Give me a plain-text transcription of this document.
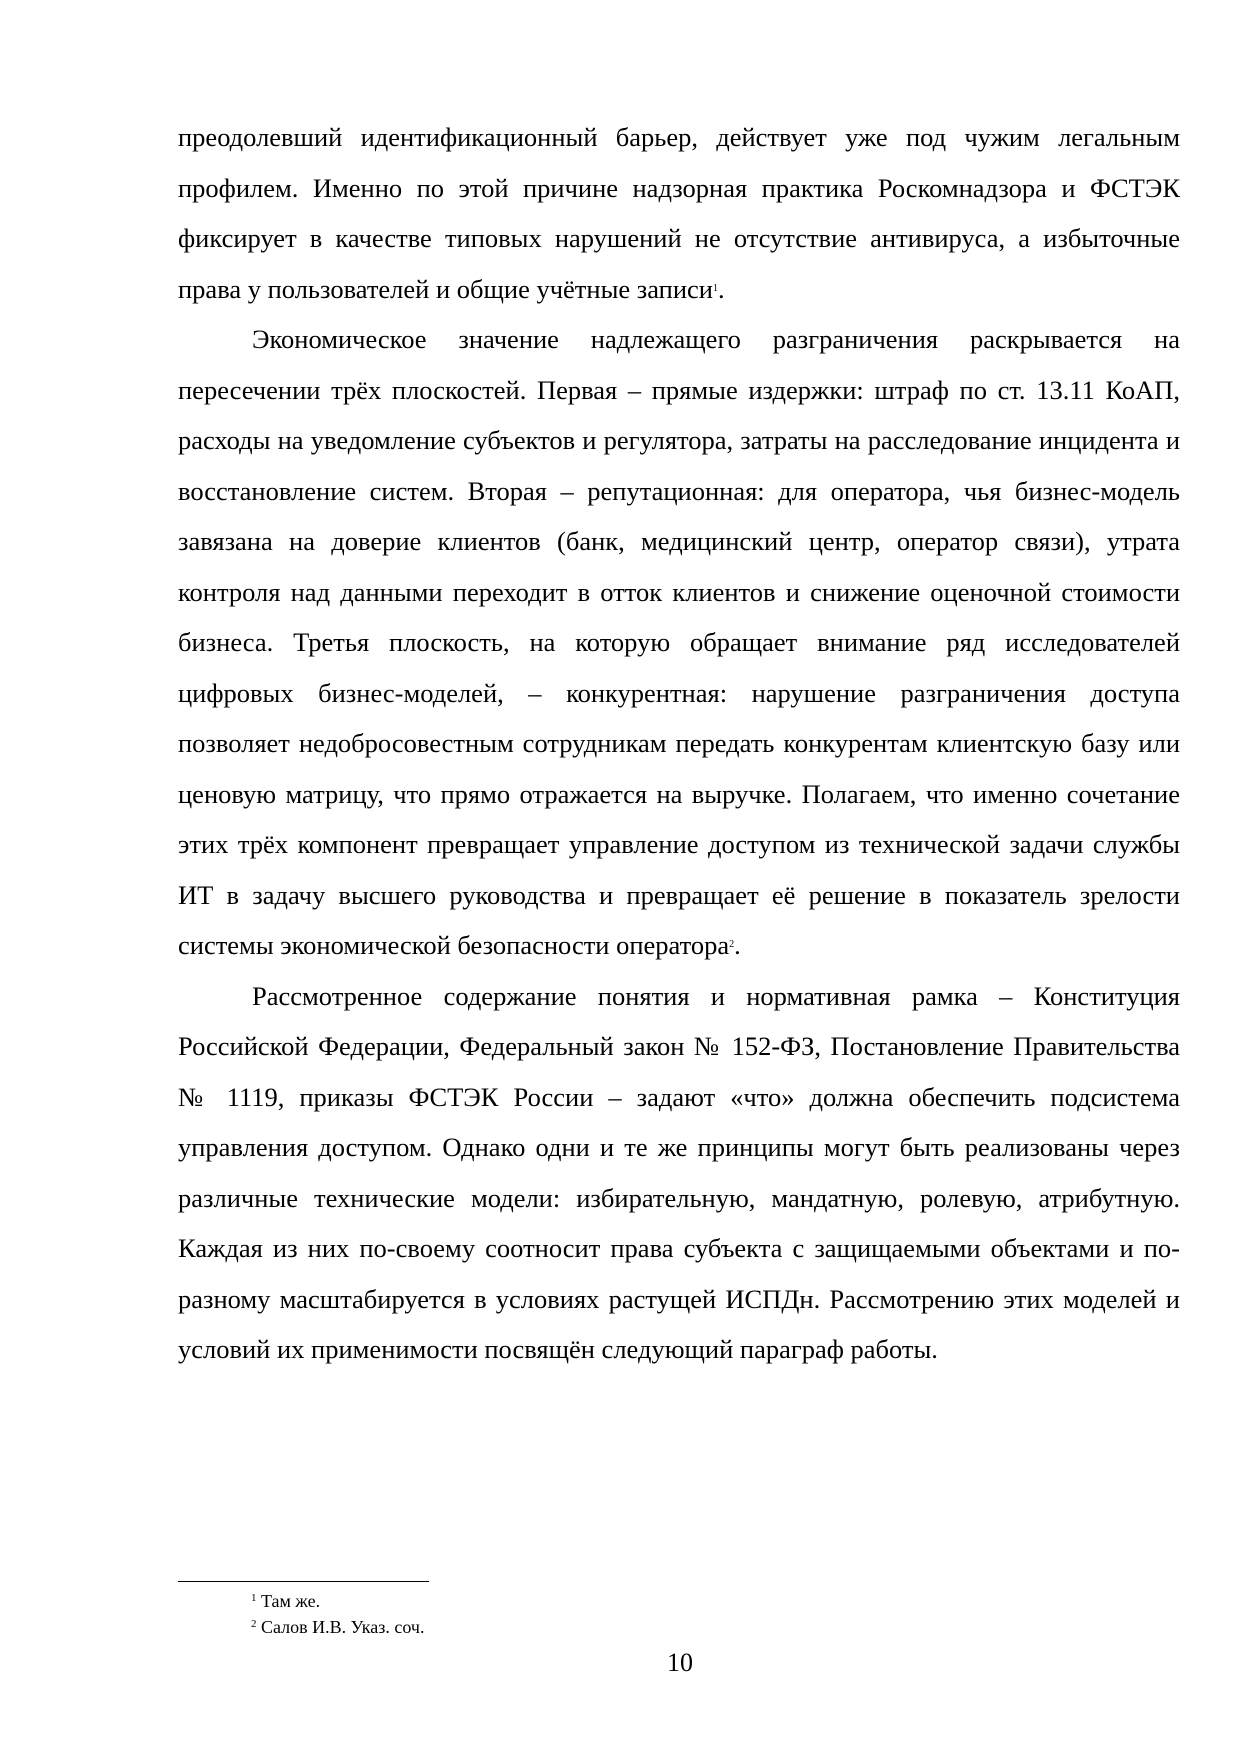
преодолевший идентификационный барьер, действует уже под чужим легальным профилем. Именно по этой причине надзорная практика Роскомнадзора и ФСТЭК фиксирует в качестве типовых нарушений не отсутствие антивируса, а избыточные права у пользователей и общие учётные записи$^1$.

Экономическое значение надлежащего разграничения раскрывается на пересечении трёх плоскостей. Первая – прямые издержки: штраф по ст. 13.11 КоАП, расходы на уведомление субъектов и регулятора, затраты на расследование инцидента и восстановление систем. Вторая – репутационная: для оператора, чья бизнес-модель завязана на доверие клиентов (банк, медицинский центр, оператор связи), утрата контроля над данными переходит в отток клиентов и снижение оценочной стоимости бизнеса. Третья плоскость, на которую обращает внимание ряд исследователей цифровых бизнес-моделей, – конкурентная: нарушение разграничения доступа позволяет недобросовестным сотрудникам передать конкурентам клиентскую базу или ценовую матрицу, что прямо отражается на выручке. Полагаем, что именно сочетание этих трёх компонент превращает управление доступом из технической задачи службы ИТ в задачу высшего руководства и превращает её решение в показатель зрелости системы экономической безопасности оператора$^2$.

Рассмотренное содержание понятия и нормативная рамка – Конституция Российской Федерации, Федеральный закон № 152-ФЗ, Постановление Правительства № 1119, приказы ФСТЭК России – задают «что» должна обеспечить подсистема управления доступом. Однако одни и те же принципы могут быть реализованы через различные технические модели: избирательную, мандатную, ролевую, атрибутную. Каждая из них по-своему соотносит права субъекта с защищаемыми объектами и по-разному масштабируется в условиях растущей ИСПДн. Рассмотрению этих моделей и условий их применимости посвящён следующий параграф работы.

$^1$ Там же.
$^2$ Салов И.В. Указ. соч.
10
